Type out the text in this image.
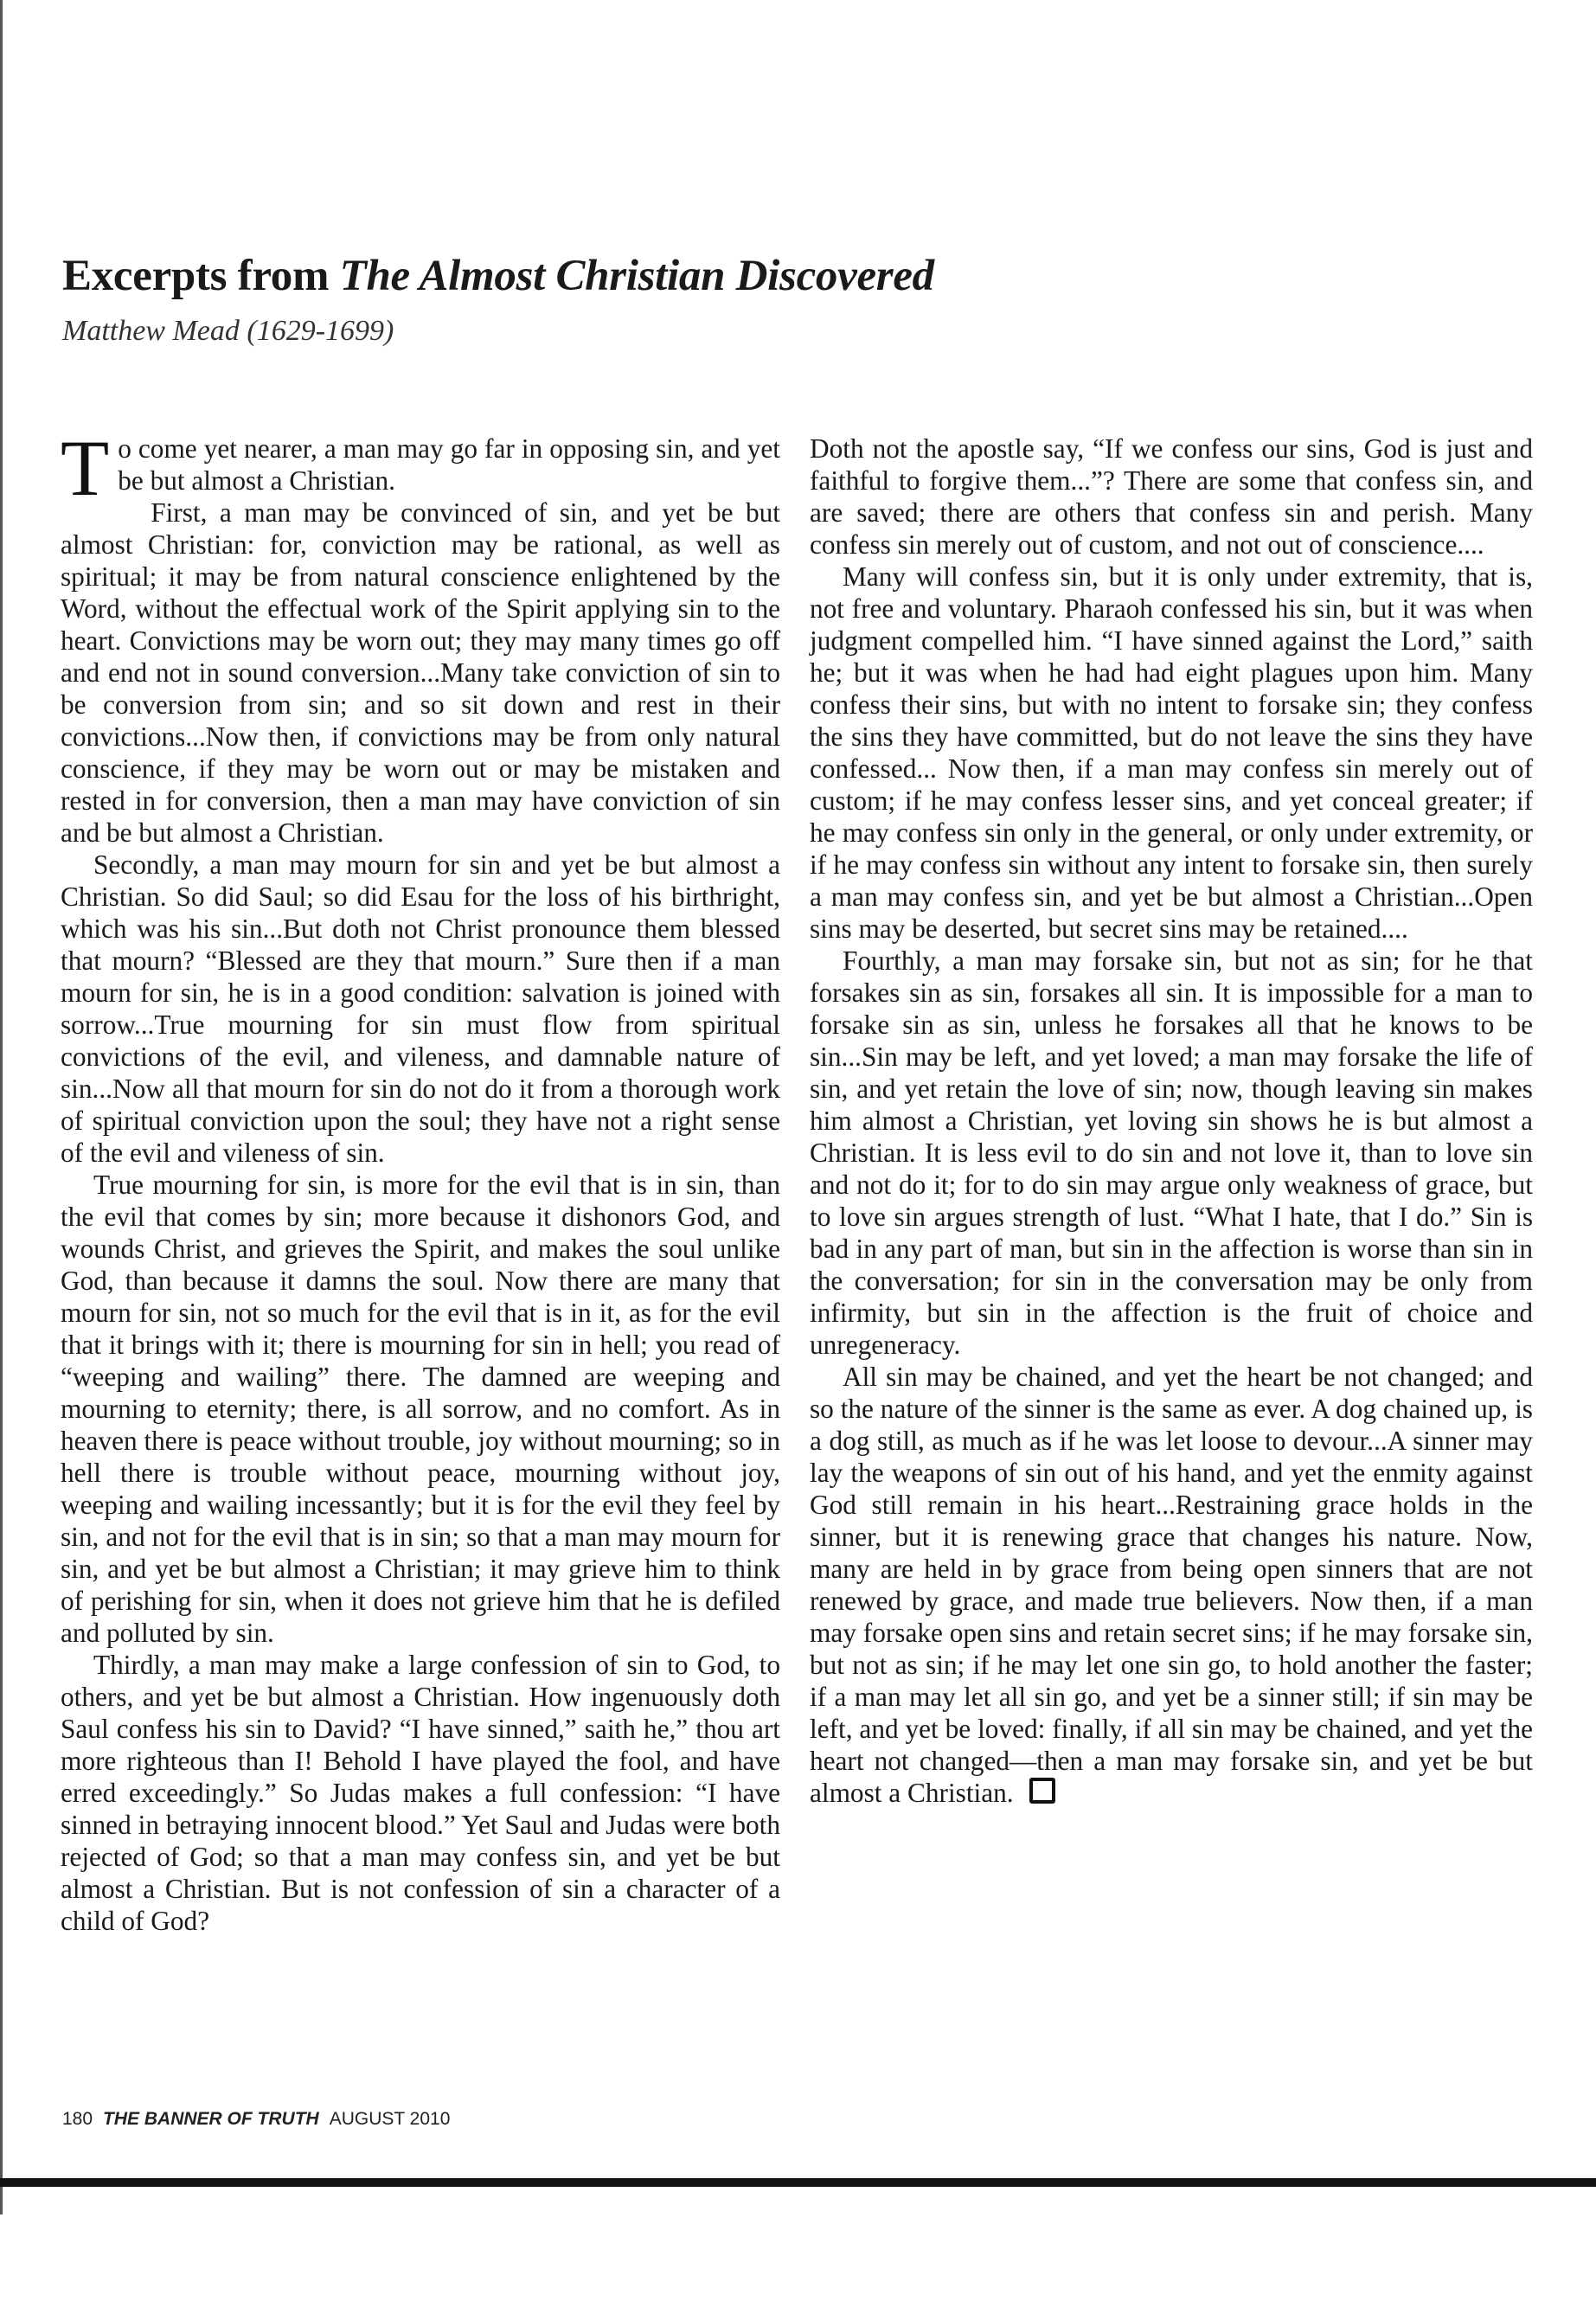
Excerpts from The Almost Christian Discovered
Matthew Mead (1629-1699)

To come yet nearer, a man may go far in opposing sin, and yet be but almost a Christian.

First, a man may be convinced of sin, and yet be but almost Christian: for, conviction may be rational, as well as spiritual; it may be from natural conscience enlightened by the Word, without the effectual work of the Spirit applying sin to the heart. Convictions may be worn out; they may many times go off and end not in sound conversion...Many take conviction of sin to be conversion from sin; and so sit down and rest in their convictions...Now then, if convictions may be from only natural conscience, if they may be worn out or may be mistaken and rested in for conversion, then a man may have conviction of sin and be but almost a Christian.

Secondly, a man may mourn for sin and yet be but almost a Christian. So did Saul; so did Esau for the loss of his birthright, which was his sin...But doth not Christ pronounce them blessed that mourn? “Blessed are they that mourn.” Sure then if a man mourn for sin, he is in a good condition: salvation is joined with sorrow...True mourning for sin must flow from spiritual convictions of the evil, and vileness, and damnable nature of sin...Now all that mourn for sin do not do it from a thorough work of spiritual conviction upon the soul; they have not a right sense of the evil and vileness of sin.

True mourning for sin, is more for the evil that is in sin, than the evil that comes by sin; more because it dishonors God, and wounds Christ, and grieves the Spirit, and makes the soul unlike God, than because it damns the soul. Now there are many that mourn for sin, not so much for the evil that is in it, as for the evil that it brings with it; there is mourning for sin in hell; you read of “weeping and wailing” there. The damned are weeping and mourning to eternity; there, is all sorrow, and no comfort. As in heaven there is peace without trouble, joy without mourning; so in hell there is trouble without peace, mourning without joy, weeping and wailing incessantly; but it is for the evil they feel by sin, and not for the evil that is in sin; so that a man may mourn for sin, and yet be but almost a Christian; it may grieve him to think of perishing for sin, when it does not grieve him that he is defiled and polluted by sin.

Thirdly, a man may make a large confession of sin to God, to others, and yet be but almost a Christian. How ingenuously doth Saul confess his sin to David? “I have sinned,” saith he,” thou art more righteous than I! Behold I have played the fool, and have erred exceedingly.” So Judas makes a full confession: “I have sinned in betraying innocent blood.” Yet Saul and Judas were both rejected of God; so that a man may confess sin, and yet be but almost a Christian. But is not confession of sin a character of a child of God?

Doth not the apostle say, “If we confess our sins, God is just and faithful to forgive them...”? There are some that confess sin, and are saved; there are others that confess sin and perish. Many confess sin merely out of custom, and not out of conscience....

Many will confess sin, but it is only under extremity, that is, not free and voluntary. Pharaoh confessed his sin, but it was when judgment compelled him. “I have sinned against the Lord,” saith he; but it was when he had had eight plagues upon him. Many confess their sins, but with no intent to forsake sin; they confess the sins they have committed, but do not leave the sins they have confessed... Now then, if a man may confess sin merely out of custom; if he may confess lesser sins, and yet conceal greater; if he may confess sin only in the general, or only under extremity, or if he may confess sin without any intent to forsake sin, then surely a man may confess sin, and yet be but almost a Christian...Open sins may be deserted, but secret sins may be retained....

Fourthly, a man may forsake sin, but not as sin; for he that forsakes sin as sin, forsakes all sin. It is impossible for a man to forsake sin as sin, unless he forsakes all that he knows to be sin...Sin may be left, and yet loved; a man may forsake the life of sin, and yet retain the love of sin; now, though leaving sin makes him almost a Christian, yet loving sin shows he is but almost a Christian. It is less evil to do sin and not love it, than to love sin and not do it; for to do sin may argue only weakness of grace, but to love sin argues strength of lust. “What I hate, that I do.” Sin is bad in any part of man, but sin in the affection is worse than sin in the conversation; for sin in the conversation may be only from infirmity, but sin in the affection is the fruit of choice and unregeneracy.

All sin may be chained, and yet the heart be not changed; and so the nature of the sinner is the same as ever. A dog chained up, is a dog still, as much as if he was let loose to devour...A sinner may lay the weapons of sin out of his hand, and yet the enmity against God still remain in his heart...Restraining grace holds in the sinner, but it is renewing grace that changes his nature. Now, many are held in by grace from being open sinners that are not renewed by grace, and made true believers. Now then, if a man may forsake open sins and retain secret sins; if he may forsake sin, but not as sin; if he may let one sin go, to hold another the faster; if a man may let all sin go, and yet be a sinner still; if sin may be left, and yet be loved: finally, if all sin may be chained, and yet the heart not changed—then a man may forsake sin, and yet be but almost a Christian.

180 THE BANNER OF TRUTH AUGUST 2010
